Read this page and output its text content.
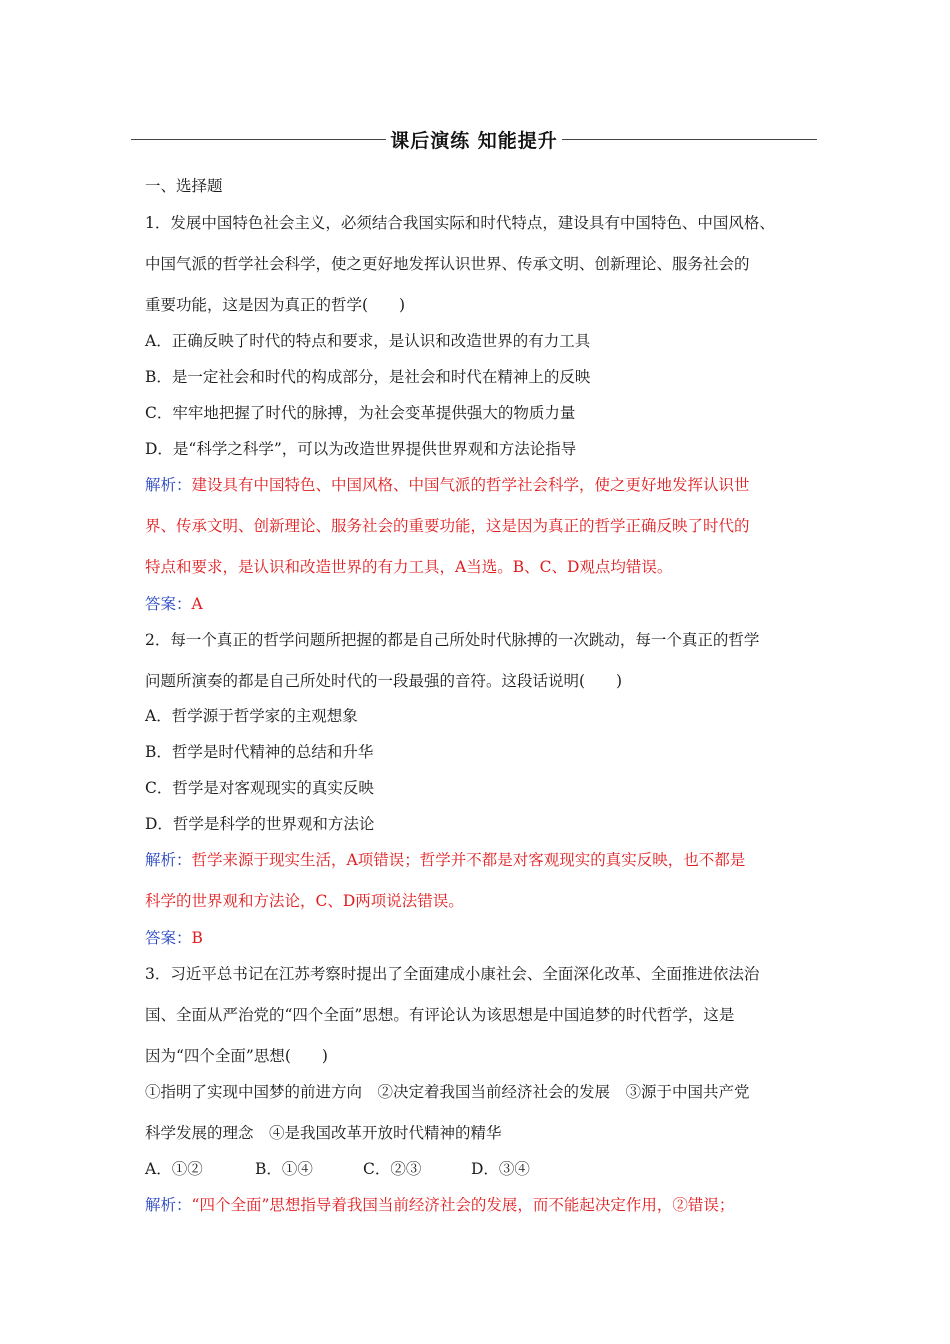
课后演练 知能提升
一、选择题
1．发展中国特色社会主义，必须结合我国实际和时代特点，建设具有中国特色、中国风格、
中国气派的哲学社会科学，使之更好地发挥认识世界、传承文明、创新理论、服务社会的
重要功能，这是因为真正的哲学(　　)
A．正确反映了时代的特点和要求，是认识和改造世界的有力工具
B．是一定社会和时代的构成部分，是社会和时代在精神上的反映
C．牢牢地把握了时代的脉搏，为社会变革提供强大的物质力量
D．是“科学之科学”，可以为改造世界提供世界观和方法论指导
解析：建设具有中国特色、中国风格、中国气派的哲学社会科学，使之更好地发挥认识世
界、传承文明、创新理论、服务社会的重要功能，这是因为真正的哲学正确反映了时代的
特点和要求，是认识和改造世界的有力工具，A当选。B、C、D观点均错误。
答案：A
2．每一个真正的哲学问题所把握的都是自己所处时代脉搏的一次跳动，每一个真正的哲学
问题所演奏的都是自己所处时代的一段最强的音符。这段话说明(　　)
A．哲学源于哲学家的主观想象
B．哲学是时代精神的总结和升华
C．哲学是对客观现实的真实反映
D．哲学是科学的世界观和方法论
解析：哲学来源于现实生活，A项错误；哲学并不都是对客观现实的真实反映，也不都是
科学的世界观和方法论，C、D两项说法错误。
答案：B
3．习近平总书记在江苏考察时提出了全面建成小康社会、全面深化改革、全面推进依法治
国、全面从严治党的“四个全面”思想。有评论认为该思想是中国追梦的时代哲学，这是
因为“四个全面”思想(　　)
①指明了实现中国梦的前进方向　②决定着我国当前经济社会的发展　③源于中国共产党
科学发展的理念　④是我国改革开放时代精神的精华
A．①②	B．①④	C．②③	D．③④
解析：“四个全面”思想指导着我国当前经济社会的发展，而不能起决定作用，②错误；
